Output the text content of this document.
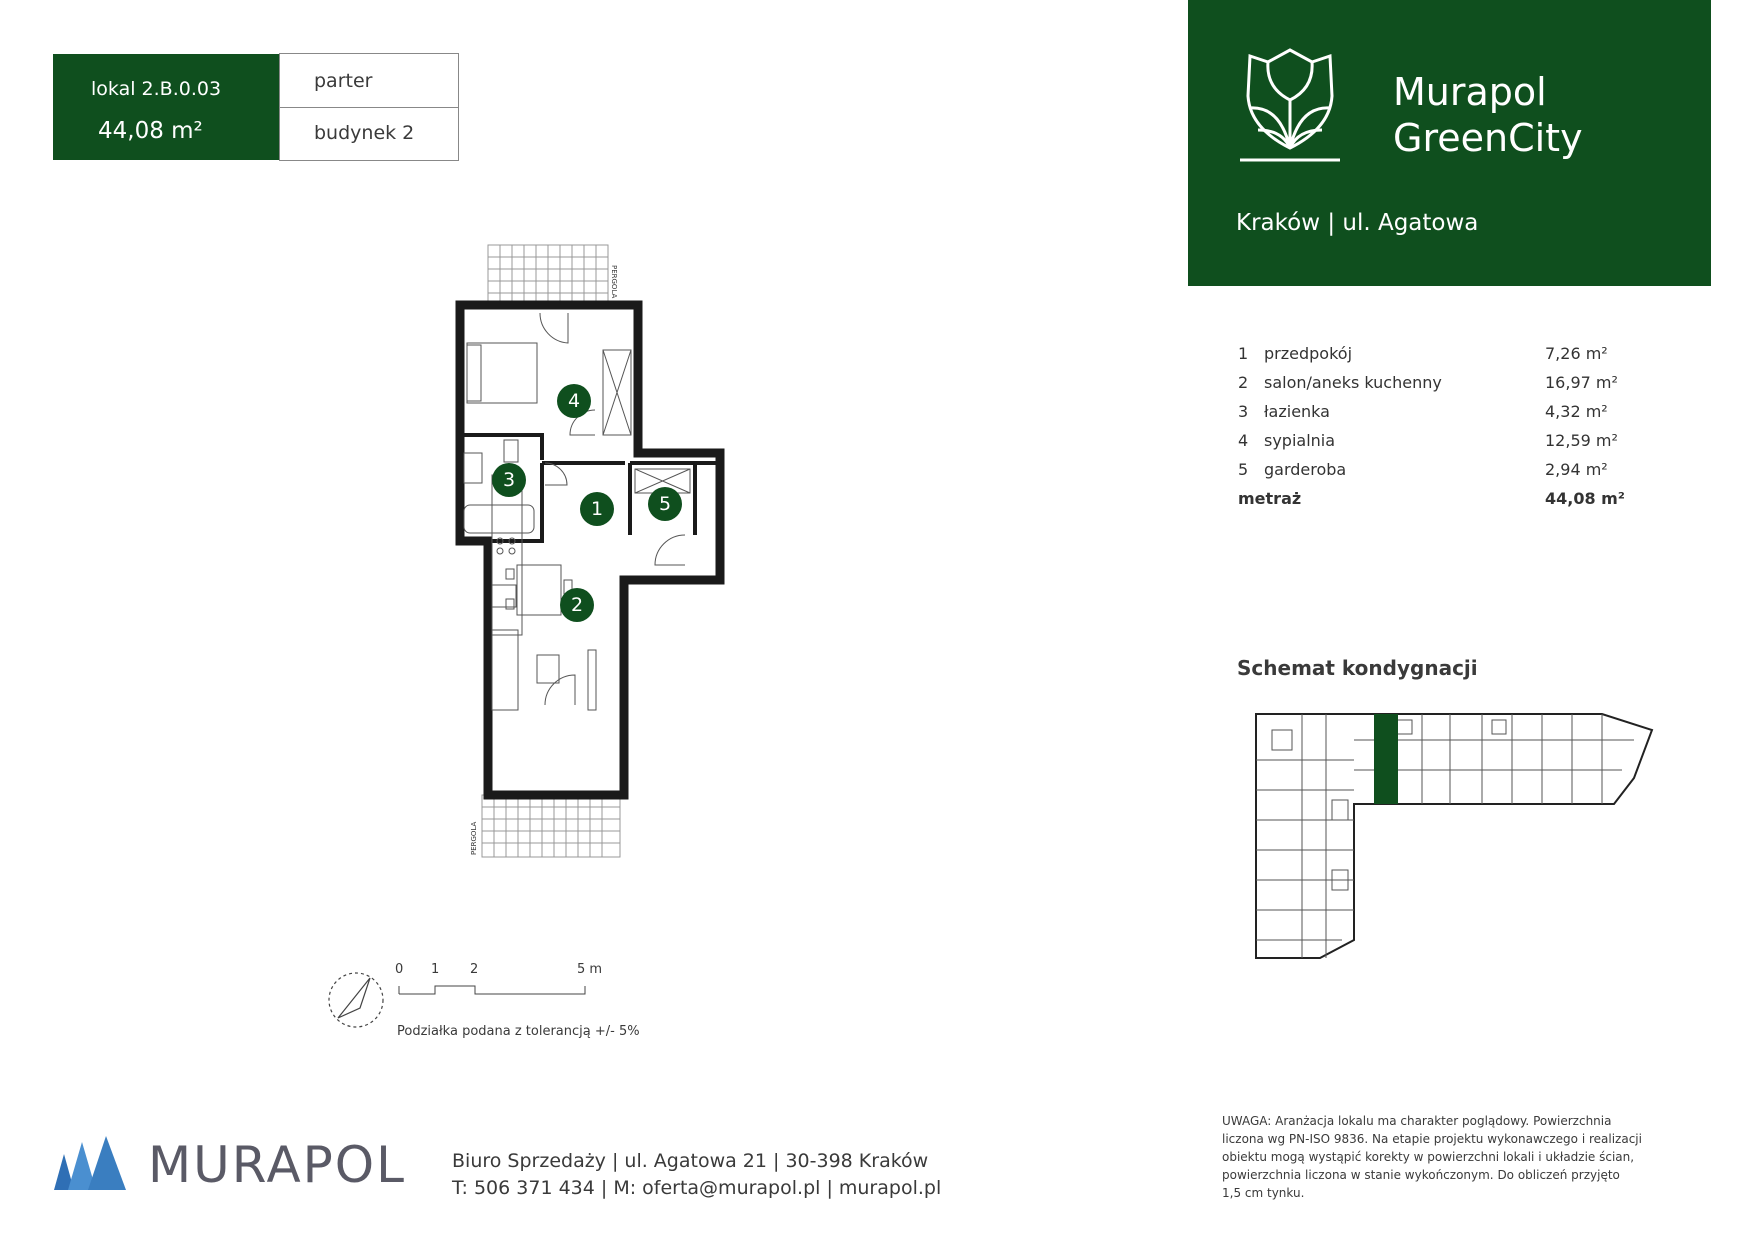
lokal 2.B.0.03
44,08 m²
parter
budynek 2
Murapol
GreenCity
Kraków | ul. Agatowa
1 przedpokój	7,26 m²
2 salon/aneks kuchenny	16,97 m²
3 łazienka	4,32 m²
4 sypialnia	12,59 m²
5 garderoba	2,94 m²
metraż	44,08 m²
PERGOLA
PERGOLA
1
2
3
4
5
0 1 2	5 m
Podziałka podana z tolerancją +/- 5%
Schemat kondygnacji
MURAPOL Biuro Sprzedaży | ul. Agatowa 21 | 30-398 Kraków
T: 506 371 434 | M: oferta@murapol.pl | murapol.pl
UWAGA: Aranżacja lokalu ma charakter poglądowy. Powierzchnia
liczona wg PN-ISO 9836. Na etapie projektu wykonawczego i realizacji
obiektu mogą wystąpić korekty w powierzchni lokali i układzie ścian,
powierzchnia liczona w stanie wykończonym. Do obliczeń przyjęto
1,5 cm tynku.
